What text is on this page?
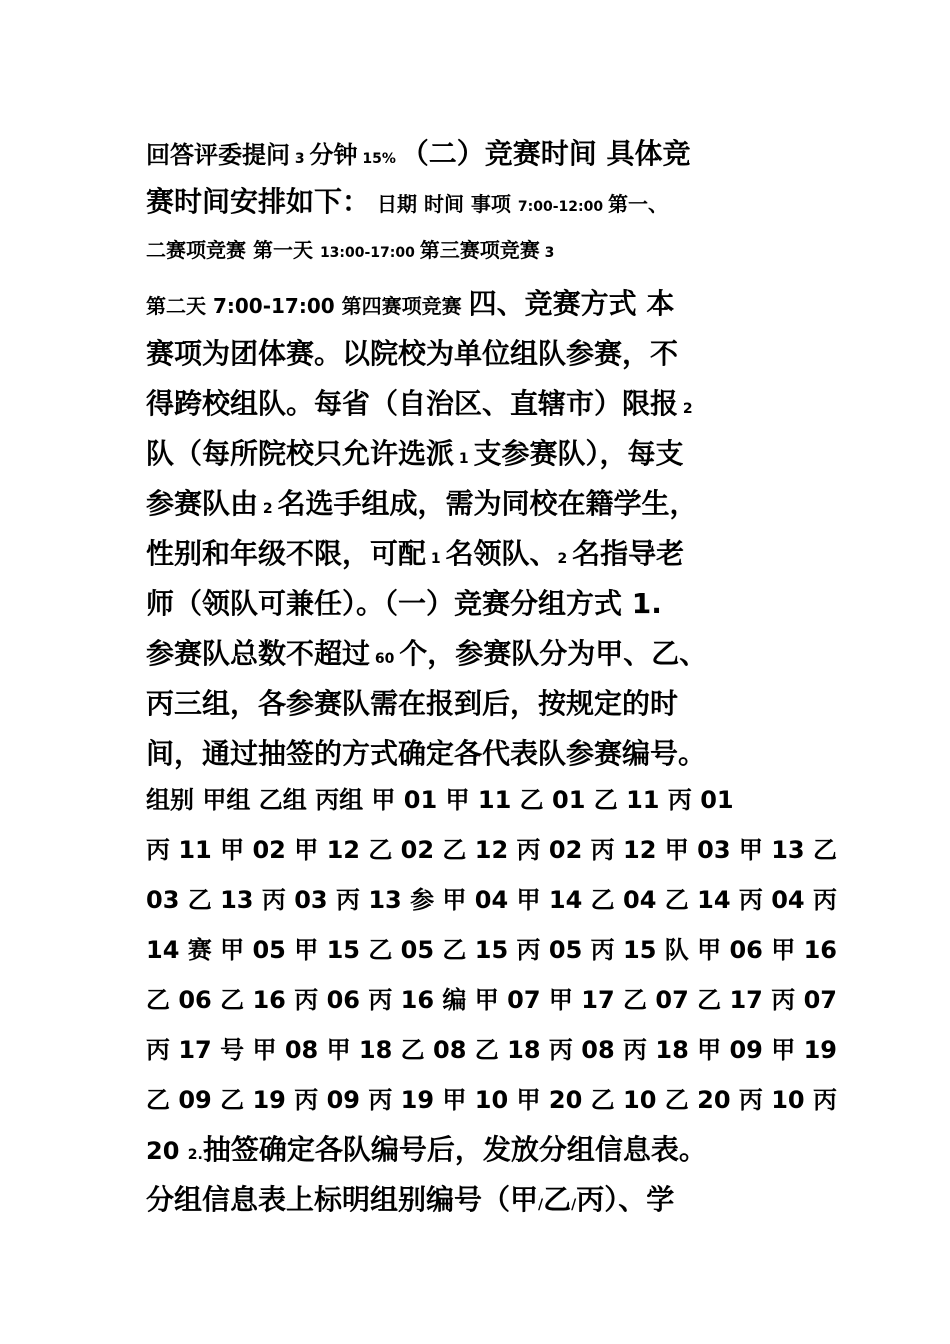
回答评委提问 3 分钟 15% （二）竞赛时间 具体竞
赛时间安排如下： 日期 时间 事项 7:00-12:00 第一、
二赛项竞赛 第一天 13:00-17:00 第三赛项竞赛 3
第二天 7:00-17:00 第四赛项竞赛 四、竞赛方式 本
赛项为团体赛。以院校为单位组队参赛，不
得跨校组队。每省（自治区、直辖市）限报 2
队（每所院校只允许选派 1 支参赛队），每支
参赛队由 2 名选手组成，需为同校在籍学生，
性别和年级不限，可配 1 名领队、2 名指导老
师（领队可兼任）。（一）竞赛分组方式 1.
参赛队总数不超过 60 个，参赛队分为甲、乙、
丙三组，各参赛队需在报到后，按规定的时
间，通过抽签的方式确定各代表队参赛编号。
组别 甲组 乙组 丙组 甲 01 甲 11 乙 01 乙 11 丙 01
丙 11 甲 02 甲 12 乙 02 乙 12 丙 02 丙 12 甲 03 甲 13 乙
03 乙 13 丙 03 丙 13 参 甲 04 甲 14 乙 04 乙 14 丙 04 丙
14 赛 甲 05 甲 15 乙 05 乙 15 丙 05 丙 15 队 甲 06 甲 16
乙 06 乙 16 丙 06 丙 16 编 甲 07 甲 17 乙 07 乙 17 丙 07
丙 17 号 甲 08 甲 18 乙 08 乙 18 丙 08 丙 18 甲 09 甲 19
乙 09 乙 19 丙 09 丙 19 甲 10 甲 20 乙 10 乙 20 丙 10 丙
20 2.抽签确定各队编号后，发放分组信息表。
分组信息表上标明组别编号（甲/乙/丙）、学
